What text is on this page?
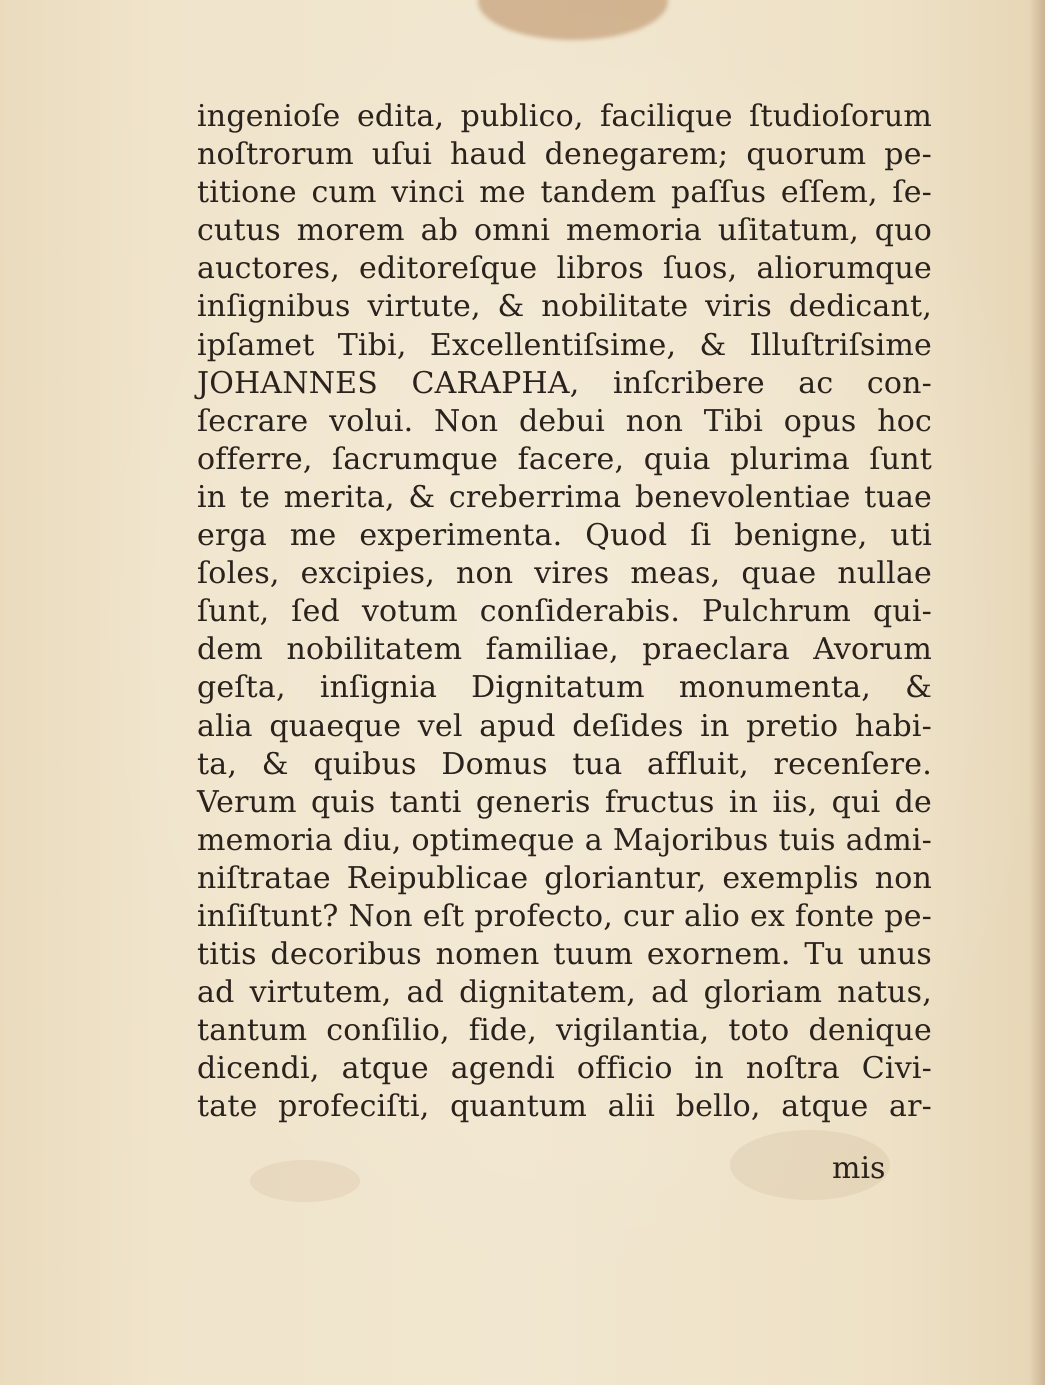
ingenioſe edita, publico, facilique ſtudioſorum
noſtrorum uſui haud denegarem; quorum pe-
titione cum vinci me tandem paſſus eſſem, ſe-
cutus morem ab omni memoria uſitatum, quo
auctores, editoreſque libros ſuos, aliorumque
inſignibus virtute, & nobilitate viris dedicant,
ipſamet Tibi, Excellentiſsime, & Illuſtriſsime
JOHANNES CARAPHA, inſcribere ac con-
ſecrare volui. Non debui non Tibi opus hoc
offerre, ſacrumque facere, quia plurima ſunt
in te merita, & creberrima benevolentiae tuae
erga me experimenta. Quod ſi benigne, uti
ſoles, excipies, non vires meas, quae nullae
ſunt, ſed votum conſiderabis. Pulchrum qui-
dem nobilitatem familiae, praeclara Avorum
geſta, inſignia Dignitatum monumenta, &
alia quaeque vel apud deſides in pretio habi-
ta, & quibus Domus tua affluit, recenſere.
Verum quis tanti generis fructus in iis, qui de
memoria diu, optimeque a Majoribus tuis admi-
niſtratae Reipublicae gloriantur, exemplis non
inſiſtunt? Non eſt profecto, cur alio ex fonte pe-
titis decoribus nomen tuum exornem. Tu unus
ad virtutem, ad dignitatem, ad gloriam natus,
tantum conſilio, fide, vigilantia, toto denique
dicendi, atque agendi officio in noſtra Civi-
tate profeciſti, quantum alii bello, atque ar-
mis
